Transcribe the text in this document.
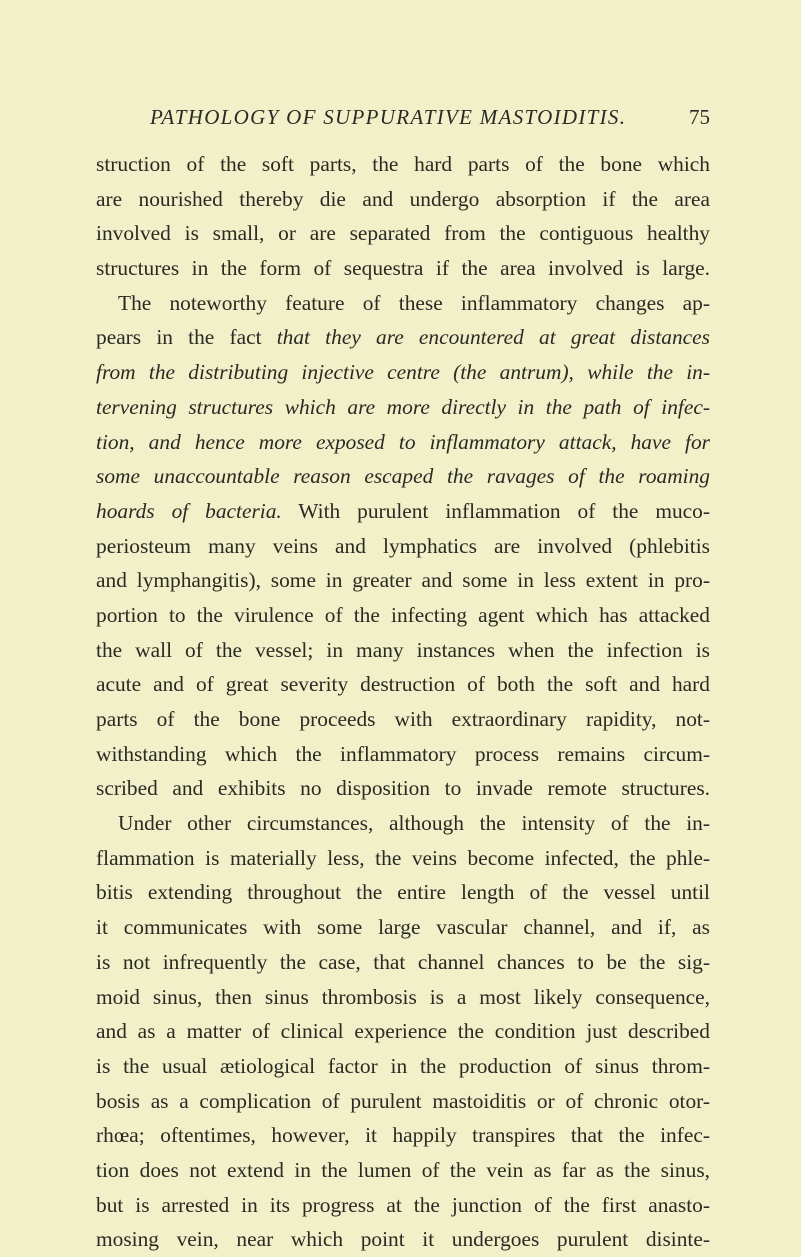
PATHOLOGY OF SUPPURATIVE MASTOIDITIS.	75
struction of the soft parts, the hard parts of the bone which
are nourished thereby die and undergo absorption if the area
involved is small, or are separated from the contiguous healthy
structures in the form of sequestra if the area involved is large.
The noteworthy feature of these inflammatory changes ap-
pears in the fact that they are encountered at great distances
from the distributing injective centre (the antrum), while the in-
tervening structures which are more directly in the path of infec-
tion, and hence more exposed to inflammatory attack, have for
some unaccountable reason escaped the ravages of the roaming
hoards of bacteria. With purulent inflammation of the muco-
periosteum many veins and lymphatics are involved (phlebitis
and lymphangitis), some in greater and some in less extent in pro-
portion to the virulence of the infecting agent which has attacked
the wall of the vessel; in many instances when the infection is
acute and of great severity destruction of both the soft and hard
parts of the bone proceeds with extraordinary rapidity, not-
withstanding which the inflammatory process remains circum-
scribed and exhibits no disposition to invade remote structures.
Under other circumstances, although the intensity of the in-
flammation is materially less, the veins become infected, the phle-
bitis extending throughout the entire length of the vessel until
it communicates with some large vascular channel, and if, as
is not infrequently the case, that channel chances to be the sig-
moid sinus, then sinus thrombosis is a most likely consequence,
and as a matter of clinical experience the condition just described
is the usual ætiological factor in the production of sinus throm-
bosis as a complication of purulent mastoiditis or of chronic otor-
rhœa; oftentimes, however, it happily transpires that the infec-
tion does not extend in the lumen of the vein as far as the sinus,
but is arrested in its progress at the junction of the first anasto-
mosing vein, near which point it undergoes purulent disinte-
